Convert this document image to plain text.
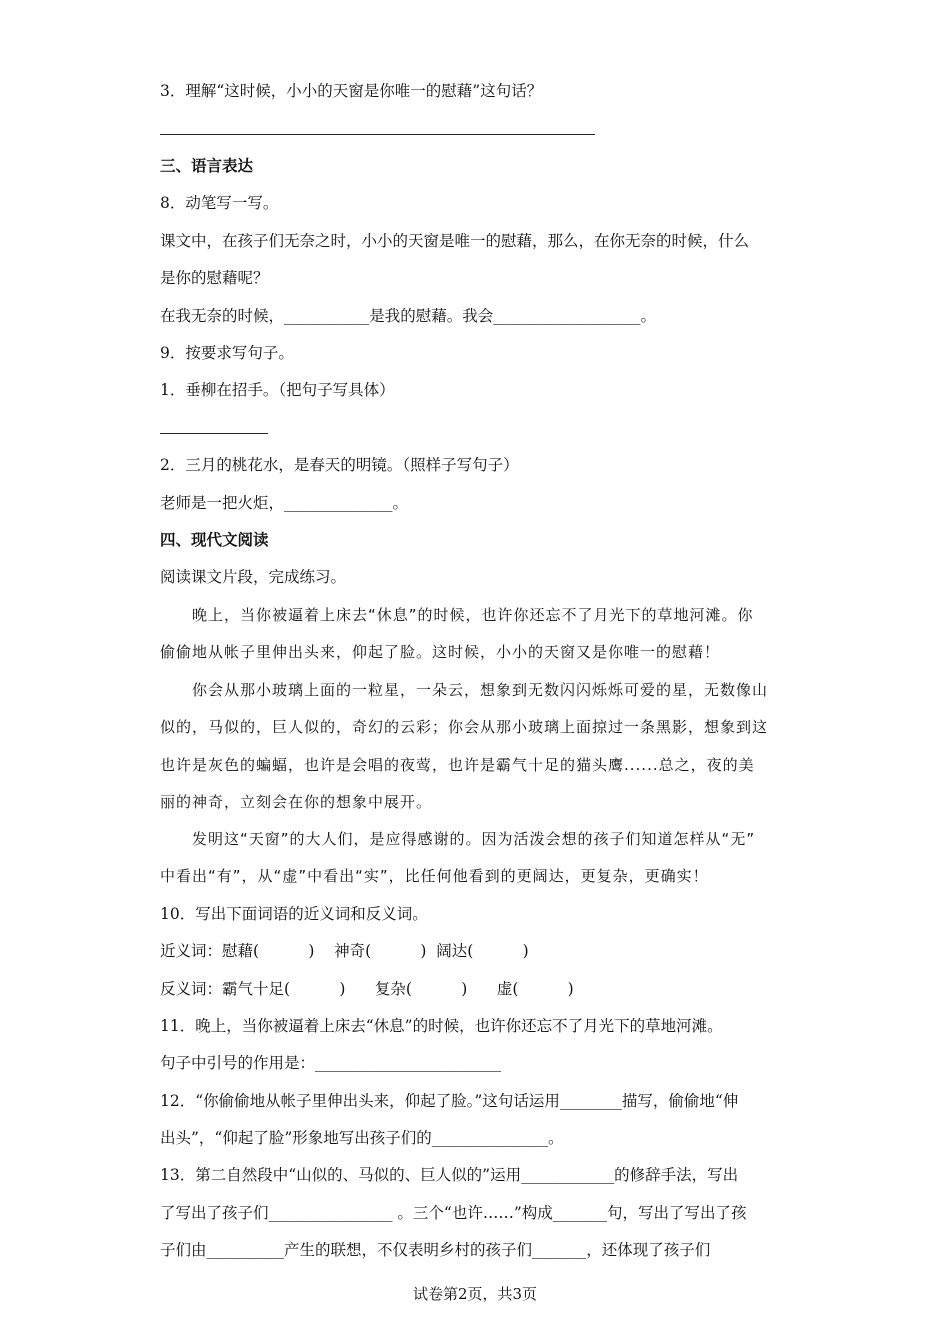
3．理解“这时候，小小的天窗是你唯一的慰藉”这句话？
三、语言表达
8．动笔写一写。
课文中，在孩子们无奈之时，小小的天窗是唯一的慰藉，那么，在你无奈的时候，什么
是你的慰藉呢？
在我无奈的时候，___________是我的慰藉。我会___________________。
9．按要求写句子。
1．垂柳在招手。（把句子写具体）
2．三月的桃花水，是春天的明镜。（照样子写句子）
老师是一把火炬，______________。
四、现代文阅读
阅读课文片段，完成练习。
晚上，当你被逼着上床去“休息”的时候，也许你还忘不了月光下的草地河滩。你
偷偷地从帐子里伸出头来，仰起了脸。这时候，小小的天窗又是你唯一的慰藉！
你会从那小玻璃上面的一粒星，一朵云，想象到无数闪闪烁烁可爱的星，无数像山
似的，马似的，巨人似的，奇幻的云彩；你会从那小玻璃上面掠过一条黑影，想象到这
也许是灰色的蝙蝠，也许是会唱的夜莺，也许是霸气十足的猫头鹰......总之，夜的美
丽的神奇，立刻会在你的想象中展开。
发明这“天窗”的大人们，是应得感谢的。因为活泼会想的孩子们知道怎样从“无”
中看出“有”，从“虚”中看出“实”，比任何他看到的更阔达，更复杂，更确实！
10．写出下面词语的近义词和反义词。
近义词：慰藉(          )    神奇(          )  阔达(          )
反义词：霸气十足(          )      复杂(          )      虚(          )
11．晚上，当你被逼着上床去“休息”的时候，也许你还忘不了月光下的草地河滩。
句子中引号的作用是：________________________
12．“你偷偷地从帐子里伸出头来，仰起了脸。”这句话运用________描写，偷偷地“伸
出头”，“仰起了脸”形象地写出孩子们的_______________。
13．第二自然段中“山似的、马似的、巨人似的”运用____________的修辞手法，写出
了写出了孩子们________________ 。三个“也许……”构成_______句，写出了写出了孩
子们由__________产生的联想，不仅表明乡村的孩子们_______，还体现了孩子们
试卷第2页，共3页
